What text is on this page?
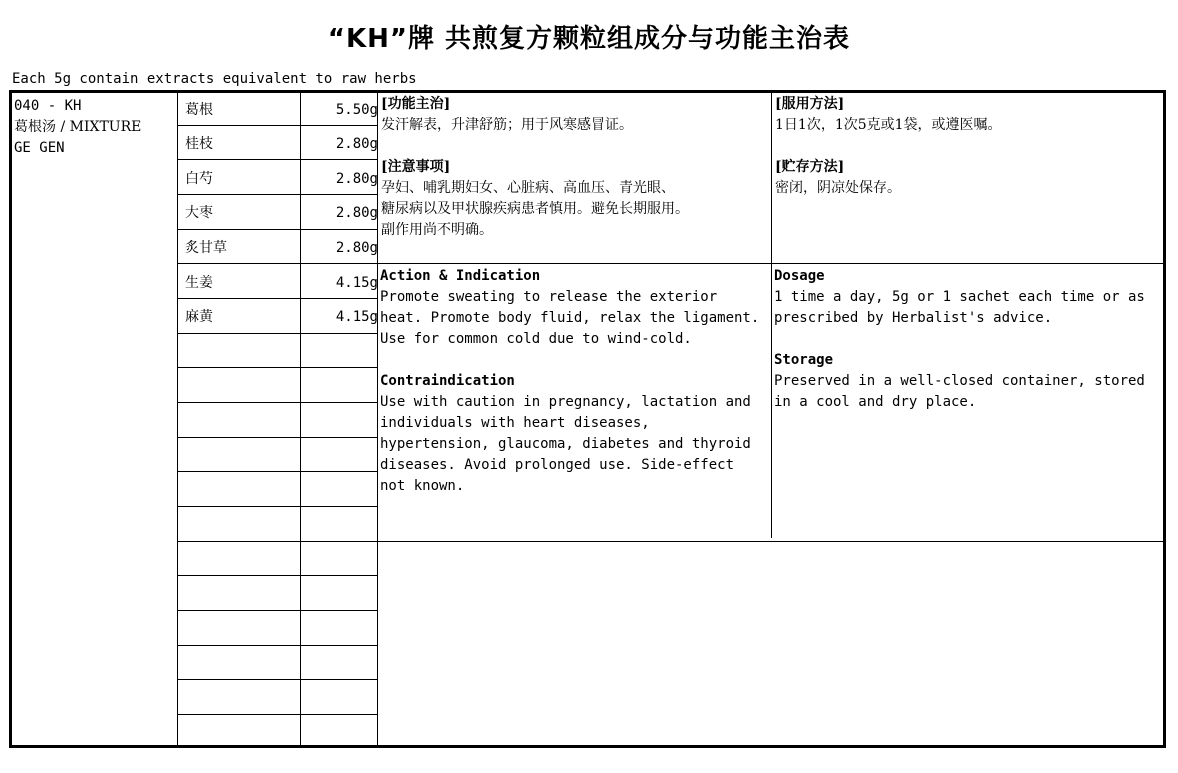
“KH”牌 共煎复方颗粒组成分与功能主治表
Each 5g contain extracts equivalent to raw herbs
040 - KH
葛根汤 / MIXTURE
GE GEN
葛根	5.50g
桂枝	2.80g
白芍	2.80g
大枣	2.80g
炙甘草	2.80g
生姜	4.15g
麻黄	4.15g
[功能主治]
发汗解表，升津舒筋；用于风寒感冒证。
[注意事项]
孕妇、哺乳期妇女、心脏病、高血压、青光眼、
糖尿病以及甲状腺疾病患者慎用。避免长期服用。
副作用尚不明确。
[服用方法]
1日1次，1次5克或1袋，或遵医嘱。
[贮存方法]
密闭，阴凉处保存。
Action & Indication
Promote sweating to release the exterior
heat. Promote body fluid, relax the ligament.
Use for common cold due to wind-cold.
Contraindication
Use with caution in pregnancy, lactation and
individuals with heart diseases,
hypertension, glaucoma, diabetes and thyroid
diseases. Avoid prolonged use. Side-effect
not known.
Dosage
1 time a day, 5g or 1 sachet each time or as
prescribed by Herbalist's advice.
Storage
Preserved in a well-closed container, stored
in a cool and dry place.
